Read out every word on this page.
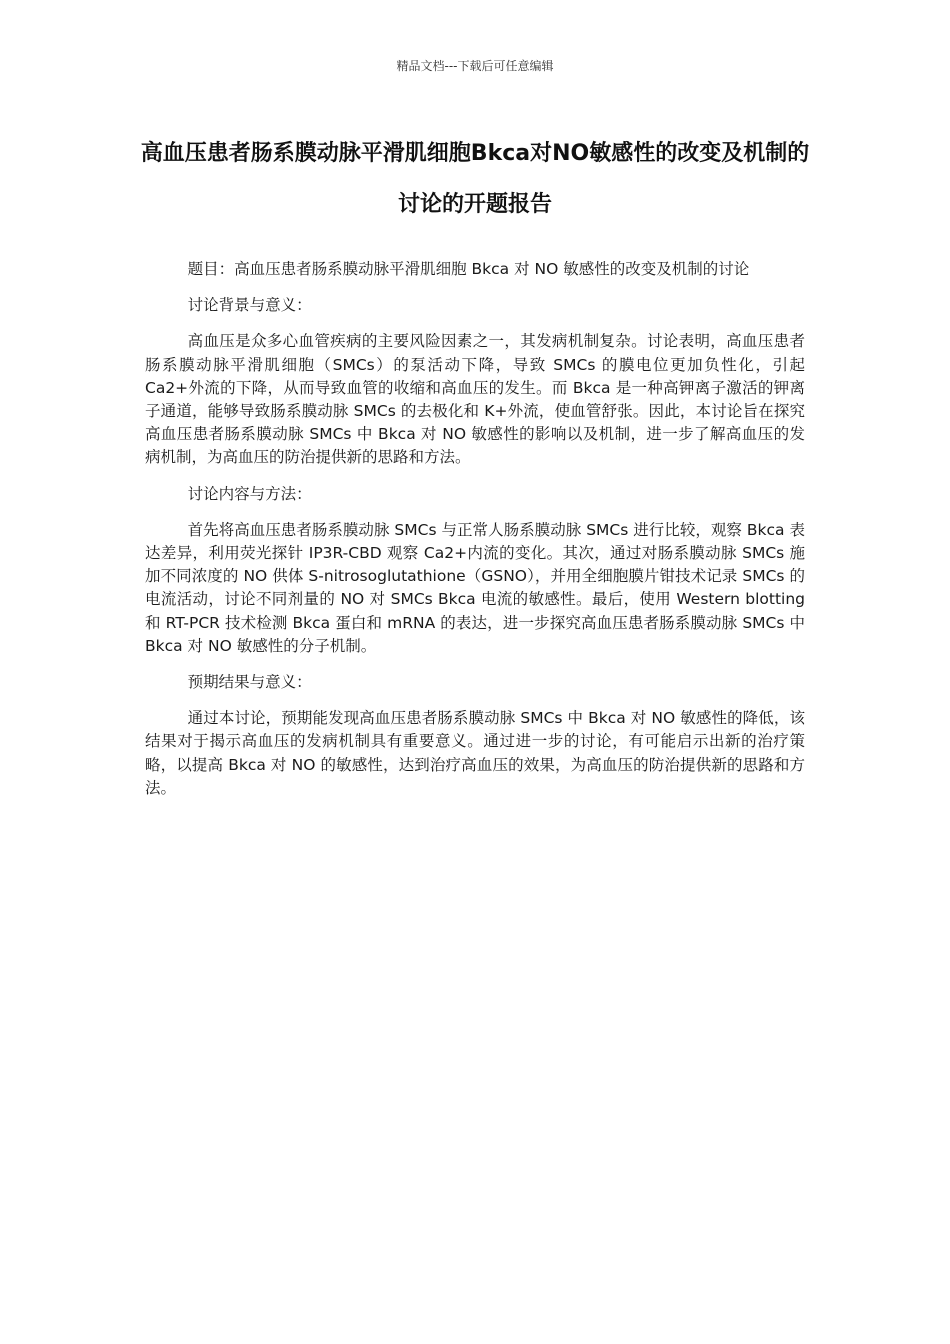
精品文档---下载后可任意编辑
高血压患者肠系膜动脉平滑肌细胞Bkca对NO敏感性的改变及机制的讨论的开题报告

题目：高血压患者肠系膜动脉平滑肌细胞 Bkca 对 NO 敏感性的改变及机制的讨论

讨论背景与意义：

高血压是众多心血管疾病的主要风险因素之一，其发病机制复杂。讨论表明，高血压患者肠系膜动脉平滑肌细胞（SMCs）的泵活动下降，导致 SMCs 的膜电位更加负性化，引起 Ca2+外流的下降，从而导致血管的收缩和高血压的发生。而 Bkca 是一种高钾离子激活的钾离子通道，能够导致肠系膜动脉 SMCs 的去极化和 K+外流，使血管舒张。因此，本讨论旨在探究高血压患者肠系膜动脉 SMCs 中 Bkca 对 NO 敏感性的影响以及机制，进一步了解高血压的发病机制，为高血压的防治提供新的思路和方法。

讨论内容与方法：

首先将高血压患者肠系膜动脉 SMCs 与正常人肠系膜动脉 SMCs 进行比较，观察 Bkca 表达差异，利用荧光探针 IP3R-CBD 观察 Ca2+内流的变化。其次，通过对肠系膜动脉 SMCs 施加不同浓度的 NO 供体 S-nitrosoglutathione（GSNO），并用全细胞膜片钳技术记录 SMCs 的电流活动，讨论不同剂量的 NO 对 SMCs Bkca 电流的敏感性。最后，使用 Western blotting 和 RT-PCR 技术检测 Bkca 蛋白和 mRNA 的表达，进一步探究高血压患者肠系膜动脉 SMCs 中 Bkca 对 NO 敏感性的分子机制。

预期结果与意义：

通过本讨论，预期能发现高血压患者肠系膜动脉 SMCs 中 Bkca 对 NO 敏感性的降低，该结果对于揭示高血压的发病机制具有重要意义。通过进一步的讨论，有可能启示出新的治疗策略，以提高 Bkca 对 NO 的敏感性，达到治疗高血压的效果，为高血压的防治提供新的思路和方法。
